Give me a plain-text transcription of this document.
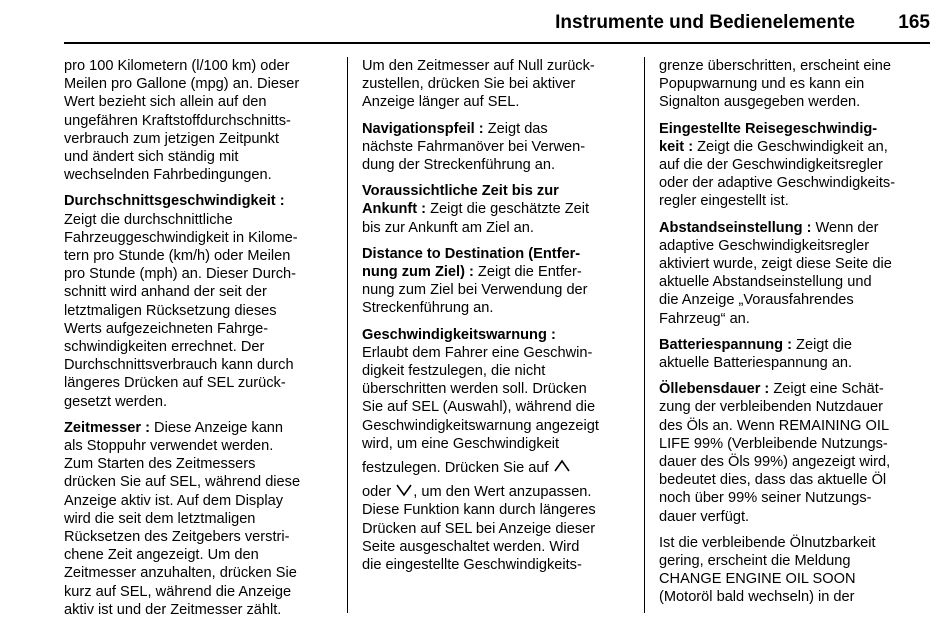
Instrumente und Bedienelemente 165

pro 100 Kilometern (l/100 km) oder
Meilen pro Gallone (mpg) an. Dieser
Wert bezieht sich allein auf den
ungefähren Kraftstoffdurchschnitts-
verbrauch zum jetzigen Zeitpunkt
und ändert sich ständig mit
wechselnden Fahrbedingungen.

Durchschnittsgeschwindigkeit :
Zeigt die durchschnittliche
Fahrzeuggeschwindigkeit in Kilome-
tern pro Stunde (km/h) oder Meilen
pro Stunde (mph) an. Dieser Durch-
schnitt wird anhand der seit der
letztmaligen Rücksetzung dieses
Werts aufgezeichneten Fahrge-
schwindigkeiten errechnet. Der
Durchschnittsverbrauch kann durch
längeres Drücken auf SEL zurück-
gesetzt werden.

Zeitmesser : Diese Anzeige kann
als Stoppuhr verwendet werden.
Zum Starten des Zeitmessers
drücken Sie auf SEL, während diese
Anzeige aktiv ist. Auf dem Display
wird die seit dem letztmaligen
Rücksetzen des Zeitgebers verstri-
chene Zeit angezeigt. Um den
Zeitmesser anzuhalten, drücken Sie
kurz auf SEL, während die Anzeige
aktiv ist und der Zeitmesser zählt.

Um den Zeitmesser auf Null zurück-
zustellen, drücken Sie bei aktiver
Anzeige länger auf SEL.

Navigationspfeil : Zeigt das
nächste Fahrmanöver bei Verwen-
dung der Streckenführung an.

Voraussichtliche Zeit bis zur
Ankunft : Zeigt die geschätzte Zeit
bis zur Ankunft am Ziel an.

Distance to Destination (Entfer-
nung zum Ziel) : Zeigt die Entfer-
nung zum Ziel bei Verwendung der
Streckenführung an.

Geschwindigkeitswarnung :
Erlaubt dem Fahrer eine Geschwin-
digkeit festzulegen, die nicht
überschritten werden soll. Drücken
Sie auf SEL (Auswahl), während die
Geschwindigkeitswarnung angezeigt
wird, um eine Geschwindigkeit
festzulegen. Drücken Sie auf
oder , um den Wert anzupassen.
Diese Funktion kann durch längeres
Drücken auf SEL bei Anzeige dieser
Seite ausgeschaltet werden. Wird
die eingestellte Geschwindigkeits-

grenze überschritten, erscheint eine
Popupwarnung und es kann ein
Signalton ausgegeben werden.

Eingestellte Reisegeschwindig-
keit : Zeigt die Geschwindigkeit an,
auf die der Geschwindigkeitsregler
oder der adaptive Geschwindigkeits-
regler eingestellt ist.

Abstandseinstellung : Wenn der
adaptive Geschwindigkeitsregler
aktiviert wurde, zeigt diese Seite die
aktuelle Abstandseinstellung und
die Anzeige „Vorausfahrendes
Fahrzeug“ an.

Batteriespannung : Zeigt die
aktuelle Batteriespannung an.

Öllebensdauer : Zeigt eine Schät-
zung der verbleibenden Nutzdauer
des Öls an. Wenn REMAINING OIL
LIFE 99% (Verbleibende Nutzungs-
dauer des Öls 99%) angezeigt wird,
bedeutet dies, dass das aktuelle Öl
noch über 99% seiner Nutzungs-
dauer verfügt.

Ist die verbleibende Ölnutzbarkeit
gering, erscheint die Meldung
CHANGE ENGINE OIL SOON
(Motoröl bald wechseln) in der
